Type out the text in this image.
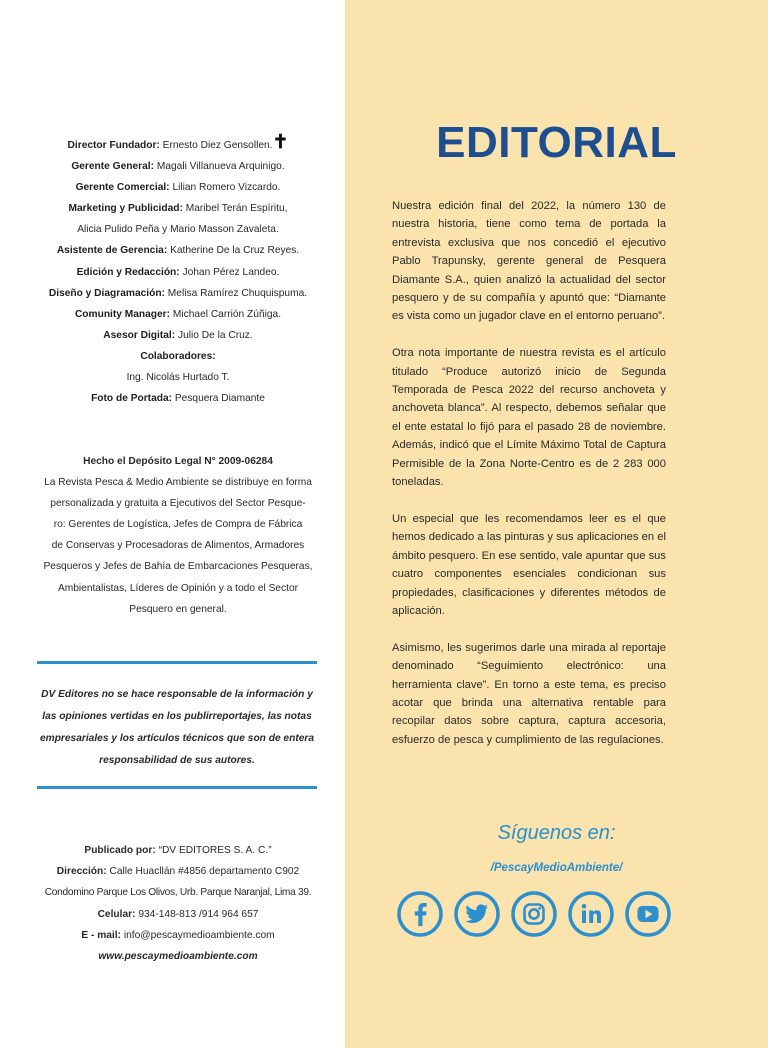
Director Fundador: Ernesto Diez Gensollen.✝
Gerente General: Magali Villanueva Arquinigo.
Gerente Comercial: Lilian Romero Vizcardo.
Marketing y Publicidad: Maribel Terán Espíritu,
Alicia Pulido Peña y Mario Masson Zavaleta.
Asistente de Gerencia: Katherine De la Cruz Reyes.
Edición y Redacción: Johan Pérez Landeo.
Diseño y Diagramación: Melisa Ramírez Chuquispuma.
Comunity Manager: Michael Carrión Zúñiga.
Asesor Digital: Julio De la Cruz.
Colaboradores:
Ing. Nicolás Hurtado T.
Foto de Portada: Pesquera Diamante
Hecho el Depósito Legal N° 2009-06284
La Revista Pesca & Medio Ambiente se distribuye en forma
personalizada y gratuita a Ejecutivos del Sector Pesque-
ro: Gerentes de Logística, Jefes de Compra de Fábrica
de Conservas y Procesadoras de Alimentos, Armadores
Pesqueros y Jefes de Bahía de Embarcaciones Pesqueras,
Ambientalistas, Líderes de Opinión y a todo el Sector
Pesquero en general.
DV Editores no se hace responsable de la información y
las opiniones vertidas en los publirreportajes, las notas
empresariales y los artículos técnicos que son de entera
responsabilidad de sus autores.
Publicado por: “DV EDITORES S. A. C.”
Dirección: Calle Huacllán #4856 departamento C902
Condomino Parque Los Olivos, Urb. Parque Naranjal, Lima 39.
Celular: 934-148-813 /914 964 657
E - mail: info@pescaymedioambiente.com
www.pescaymedioambiente.com
EDITORIAL

Nuestra edición final del 2022, la número 130 de nuestra historia, tiene como tema de portada la entrevista exclusiva que nos concedió el ejecutivo Pablo Trapunsky, gerente general de Pesquera Diamante S.A., quien analizó la actualidad del sector pesquero y de su compañía y apuntó que: “Diamante es vista como un jugador clave en el entorno peruano”.

Otra nota importante de nuestra revista es el artículo titulado “Produce autorizó inicio de Segunda Temporada de Pesca 2022 del recurso anchoveta y anchoveta blanca”. Al respecto, debemos señalar que el ente estatal lo fijó para el pasado 28 de noviembre. Además, indicó que el Límite Máximo Total de Captura Permisible de la Zona Norte-Centro es de 2 283 000 toneladas.

Un especial que les recomendamos leer es el que hemos dedicado a las pinturas y sus aplicaciones en el ámbito pesquero. En ese sentido, vale apuntar que sus cuatro componentes esenciales condicionan sus propiedades, clasificaciones y diferentes métodos de aplicación.

Asimismo, les sugerimos darle una mirada al reportaje denominado “Seguimiento electrónico: una herramienta clave”. En torno a este tema, es preciso acotar que brinda una alternativa rentable para recopilar datos sobre captura, captura accesoria, esfuerzo de pesca y cumplimiento de las regulaciones.

Síguenos en:
/PescayMedioAmbiente/
